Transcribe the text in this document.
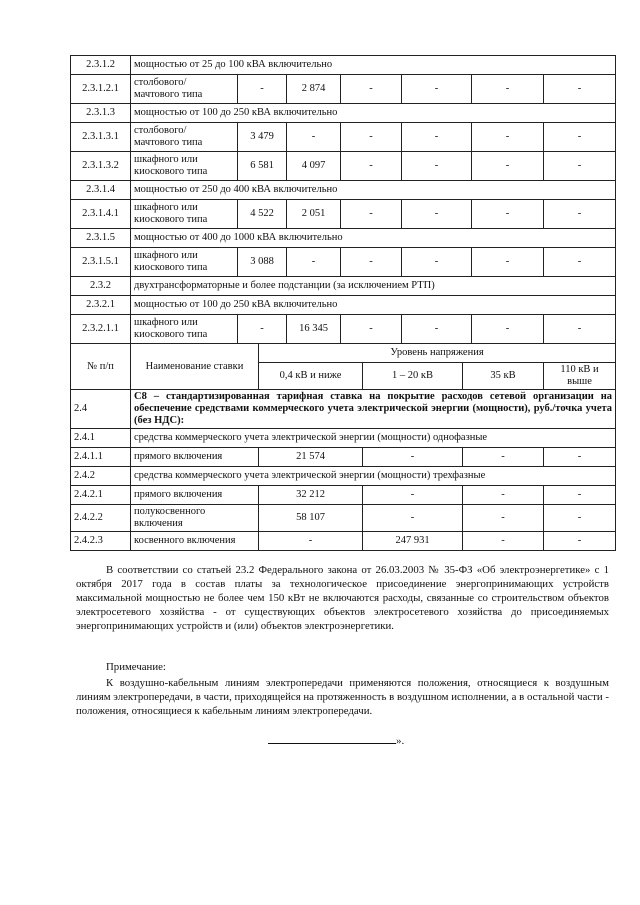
2.3.1.2	мощностью от 25 до 100 кВА включительно						
2.3.1.2.1	столбового/ мачтового типа	-	2 874	-	-	-	-
2.3.1.3	мощностью от 100 до 250 кВА включительно						
2.3.1.3.1	столбового/ мачтового типа	3 479	-	-	-	-	-
2.3.1.3.2	шкафного или киоскового типа	6 581	4 097	-	-	-	-
2.3.1.4	мощностью от 250 до 400 кВА включительно						
2.3.1.4.1	шкафного или киоскового типа	4 522	2 051	-	-	-	-
2.3.1.5	мощностью от 400 до 1000 кВА включительно						
2.3.1.5.1	шкафного или киоскового типа	3 088	-	-	-	-	-
2.3.2	двухтрансформаторные и более подстанции (за исключением РТП)						
2.3.2.1	мощностью от 100 до 250 кВА включительно						
2.3.2.1.1	шкафного или киоскового типа	-	16 345	-	-	-	-
№ п/п	Наименование ставки	Уровень напряжения			
		0,4 кВ и ниже	1 – 20 кВ	35 кВ	110 кВ и выше
2.4	С8 – стандартизированная тарифная ставка на покрытие расходов сетевой организации на обеспечение средствами коммерческого учета электрической энергии (мощности), руб./точка учета (без НДС):				
2.4.1	средства коммерческого учета электрической энергии (мощности) однофазные				
2.4.1.1	прямого включения	21 574	-	-	-
2.4.2	средства коммерческого учета электрической энергии (мощности) трехфазные				
2.4.2.1	прямого включения	32 212	-	-	-
2.4.2.2	полукосвенного включения	58 107	-	-	-
2.4.2.3	косвенного включения	-	247 931	-	-
В соответствии со статьей 23.2 Федерального закона от 26.03.2003 № 35-ФЗ «Об электроэнергетике» с 1 октября 2017 года в состав платы за технологическое присоединение энергопринимающих устройств максимальной мощностью не более чем 150 кВт не включаются расходы, связанные со строительством объектов электросетевого хозяйства - от существующих объектов электросетевого хозяйства до присоединяемых энергопринимающих устройств и (или) объектов электроэнергетики.
Примечание:
К воздушно-кабельным линиям электропередачи применяются положения, относящиеся к воздушным линиям электропередачи, в части, приходящейся на протяженность в воздушном исполнении, а в остальной части - положения, относящиеся к кабельным линиям электропередачи.
».
